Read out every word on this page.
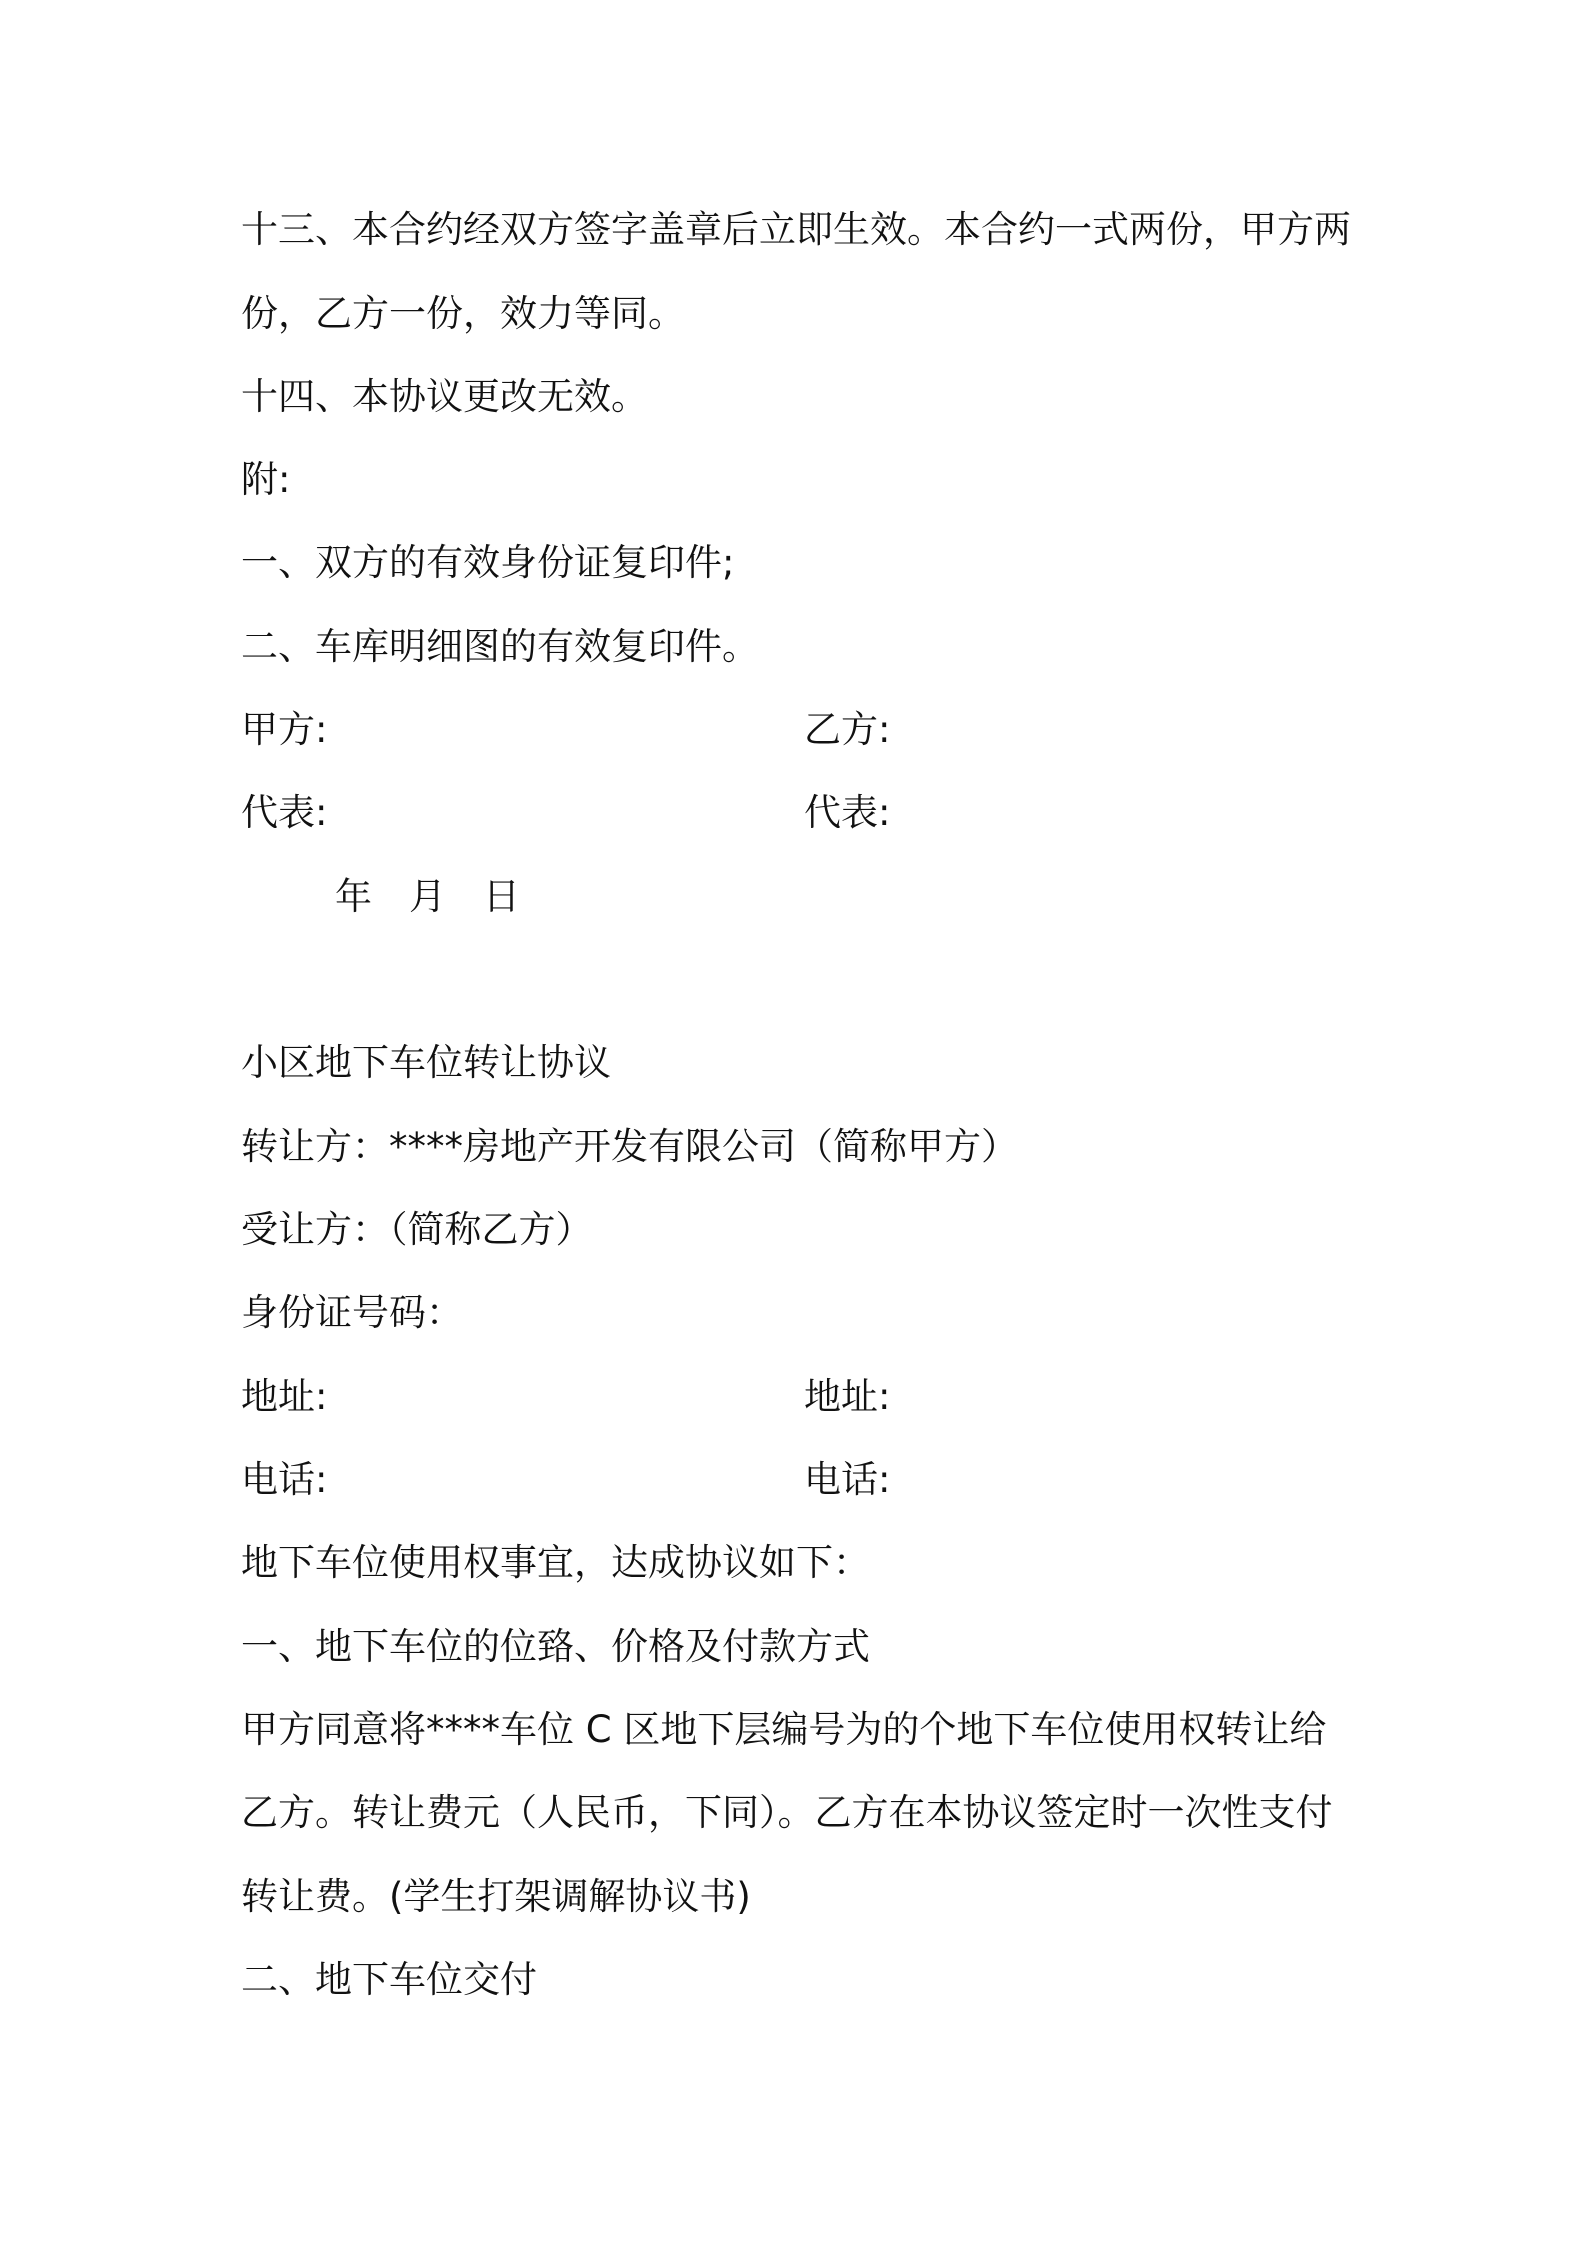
十三、本合约经双方签字盖章后立即生效。本合约一式两份，甲方两
份，乙方一份，效力等同。
十四、本协议更改无效。
附:
一、双方的有效身份证复印件;
二、车库明细图的有效复印件。
甲方:	乙方:
代表:	代表:
年　月　日
小区地下车位转让协议
转让方：****房地产开发有限公司（简称甲方）
受让方：（简称乙方）
身份证号码：
地址:	地址:
电话:	电话:
地下车位使用权事宜，达成协议如下：
一、地下车位的位臵、价格及付款方式
甲方同意将****车位 C 区地下层编号为的个地下车位使用权转让给
乙方。转让费元（人民币，下同）。乙方在本协议签定时一次性支付
转让费。(学生打架调解协议书)
二、地下车位交付
